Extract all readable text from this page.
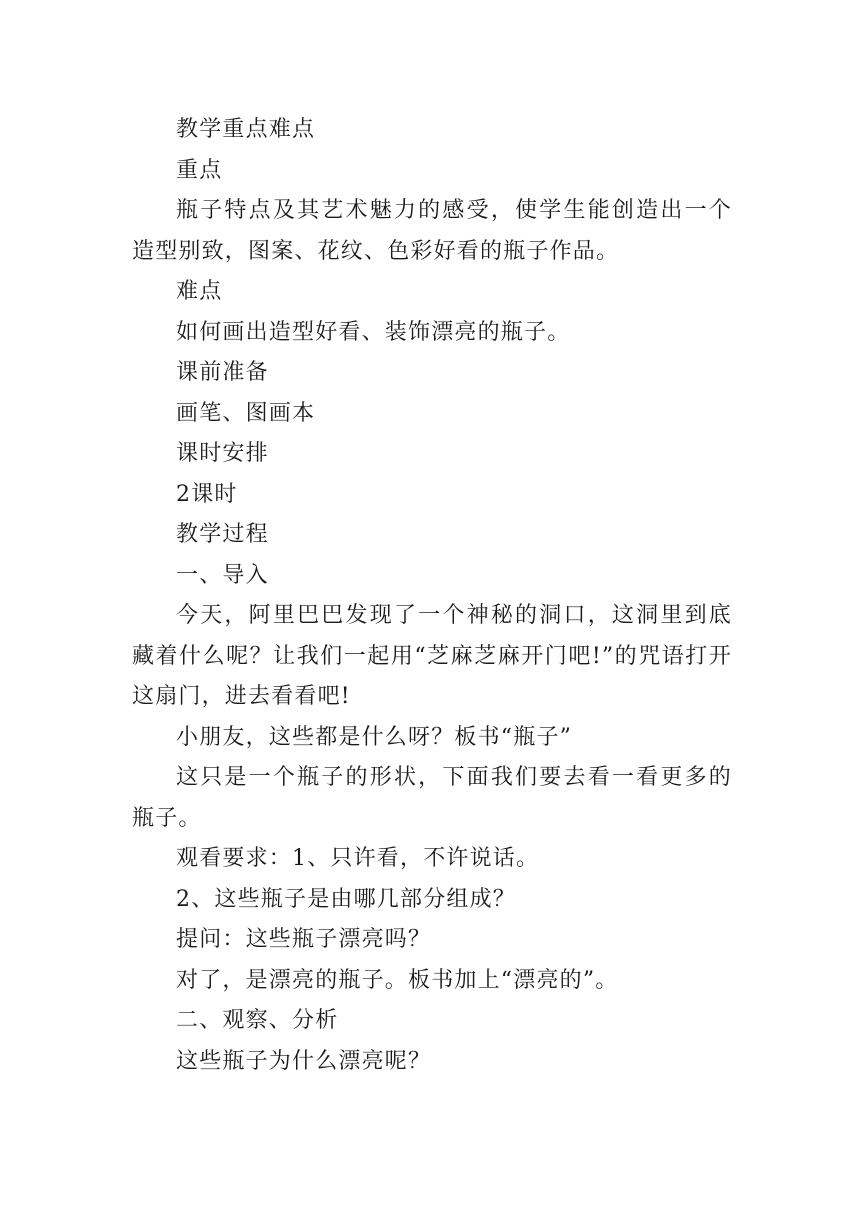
教学重点难点

重点

瓶子特点及其艺术魅力的感受，使学生能创造出一个造型别致，图案、花纹、色彩好看的瓶子作品。

难点

如何画出造型好看、装饰漂亮的瓶子。

课前准备

画笔、图画本

课时安排

2课时

教学过程

一、导入

今天，阿里巴巴发现了一个神秘的洞口，这洞里到底藏着什么呢？让我们一起用“芝麻芝麻开门吧!”的咒语打开这扇门，进去看看吧!

小朋友，这些都是什么呀？板书“瓶子”

这只是一个瓶子的形状，下面我们要去看一看更多的瓶子。

观看要求：1、只许看，不许说话。

2、这些瓶子是由哪几部分组成？

提问：这些瓶子漂亮吗？

对了，是漂亮的瓶子。板书加上“漂亮的”。

二、观察、分析

这些瓶子为什么漂亮呢？
